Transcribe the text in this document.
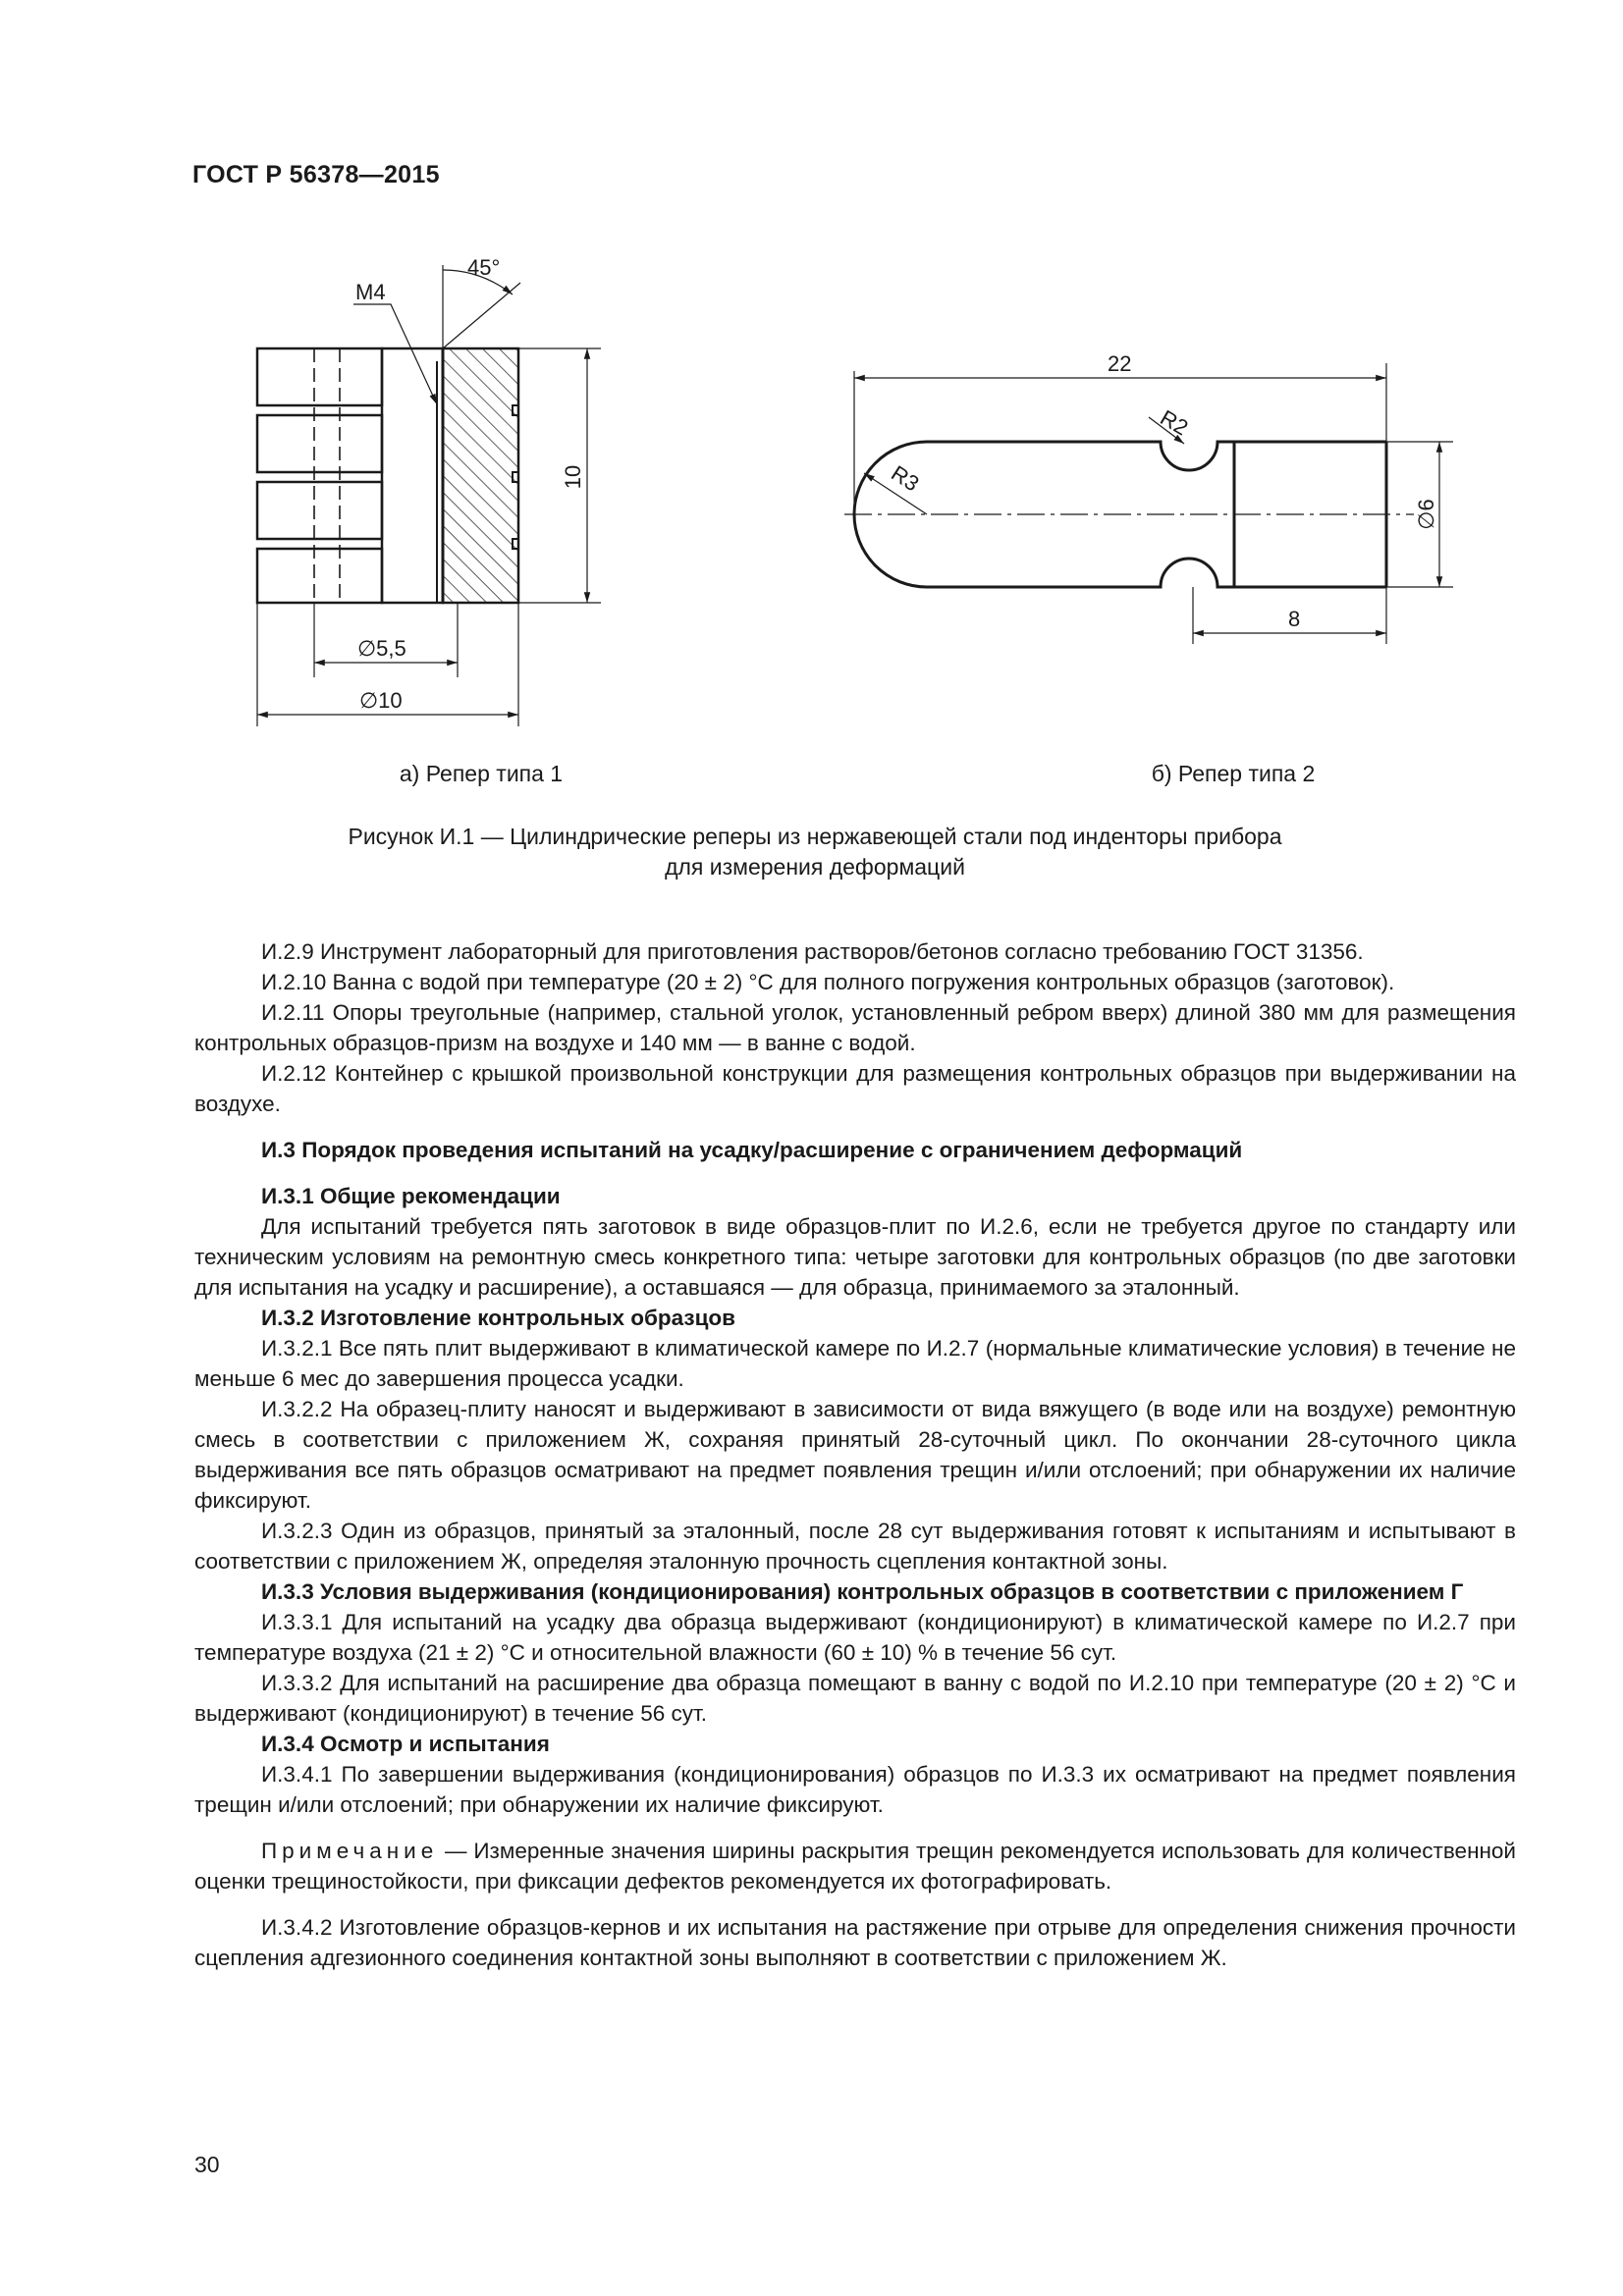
ГОСТ Р 56378—2015
M4
45°
10
∅5,5
∅10
22
R2
R3
∅6
8
а) Репер типа 1	б) Репер типа 2
Рисунок И.1 — Цилиндрические реперы из нержавеющей стали под инденторы прибора
для измерения деформаций

И.2.9 Инструмент лабораторный для приготовления растворов/бетонов согласно требованию ГОСТ 31356.

И.2.10 Ванна с водой при температуре (20 ± 2) °С для полного погружения контрольных образцов (заготовок).

И.2.11 Опоры треугольные (например, стальной уголок, установленный ребром вверх) длиной 380 мм для размещения контрольных образцов-призм на воздухе и 140 мм — в ванне с водой.

И.2.12 Контейнер с крышкой произвольной конструкции для размещения контрольных образцов при выдерживании на воздухе.

И.3 Порядок проведения испытаний на усадку/расширение с ограничением деформаций

И.3.1 Общие рекомендации

Для испытаний требуется пять заготовок в виде образцов-плит по И.2.6, если не требуется другое по стандарту или техническим условиям на ремонтную смесь конкретного типа: четыре заготовки для контрольных образцов (по две заготовки для испытания на усадку и расширение), а оставшаяся — для образца, принимаемого за эталонный.

И.3.2 Изготовление контрольных образцов

И.3.2.1 Все пять плит выдерживают в климатической камере по И.2.7 (нормальные климатические условия) в течение не меньше 6 мес до завершения процесса усадки.

И.3.2.2 На образец-плиту наносят и выдерживают в зависимости от вида вяжущего (в воде или на воздухе) ремонтную смесь в соответствии с приложением Ж, сохраняя принятый 28-суточный цикл. По окончании 28-суточного цикла выдерживания все пять образцов осматривают на предмет появления трещин и/или отслоений; при обнаружении их наличие фиксируют.

И.3.2.3 Один из образцов, принятый за эталонный, после 28 сут выдерживания готовят к испытаниям и испытывают в соответствии с приложением Ж, определяя эталонную прочность сцепления контактной зоны.

И.3.3 Условия выдерживания (кондиционирования) контрольных образцов в соответствии с приложением Г

И.3.3.1 Для испытаний на усадку два образца выдерживают (кондиционируют) в климатической камере по И.2.7 при температуре воздуха (21 ± 2) °С и относительной влажности (60 ± 10) % в течение 56 сут.

И.3.3.2 Для испытаний на расширение два образца помещают в ванну с водой по И.2.10 при температуре (20 ± 2) °С и выдерживают (кондиционируют) в течение 56 сут.

И.3.4 Осмотр и испытания

И.3.4.1 По завершении выдерживания (кондиционирования) образцов по И.3.3 их осматривают на предмет появления трещин и/или отслоений; при обнаружении их наличие фиксируют.

Примечание — Измеренные значения ширины раскрытия трещин рекомендуется использовать для количественной оценки трещиностойкости, при фиксации дефектов рекомендуется их фотографировать.

И.3.4.2 Изготовление образцов-кернов и их испытания на растяжение при отрыве для определения снижения прочности сцепления адгезионного соединения контактной зоны выполняют в соответствии с приложением Ж.

30
